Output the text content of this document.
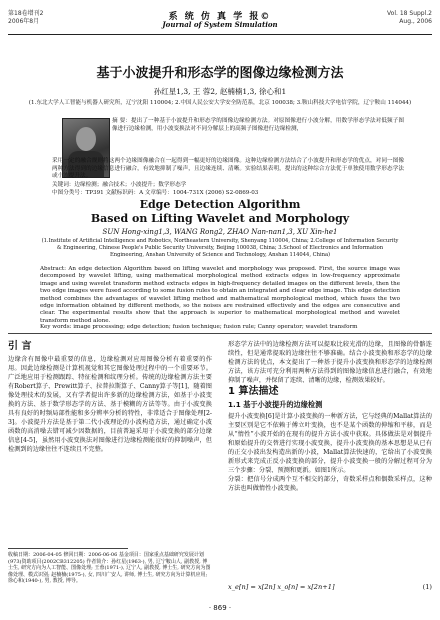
第18卷增刊2
2006年8月	系 统 仿 真 学 报©
Journal of System Simulation
Vol. 18 Suppl.2
Aug., 2006
基于小波提升和形态学的图像边缘检测方法
孙红星1,3, 王 蓉2, 赵楠楠1,3, 徐心和1
(1.东北大学人工智能与机器人研究所，辽宁沈阳 110004; 2.中国人民公安大学安全防范系，北京 100038; 3.鞍山科技大学电信学院，辽宁鞍山 114044)
摘 要：提出了一种基于小波提升和形态学的图像边缘检测方法。对原图像进行小波分解，用数学形态学法对低频子图像进行边缘检测，用小波变换法对不同分解层上的高频子图像进行边缘检测，
采用一定的融合规则将这两个边缘图像融合在一起得到一幅更好的边缘图像。这种边缘检测方法结合了小波提升和形态学的优点，对同一图像两种方法得到的边缘信息进行融合，有效地抑制了噪声，且边缘连续、清晰。实验结果表明，提出的这种综合方法优于单独使用数学形态学法或小波提升法。
关键词：边缘检测；融合技术；小波提升；数学形态学
中图分类号：TP391 文献标识码：A 文章编号：1004-731X (2006) S2-0869-03
Edge Detection Algorithm
Based on Lifting Wavelet and Morphology
SUN Hong-xing1,3, WANG Rong2, ZHAO Nan-nan1,3, XU Xin-he1
(1.Institute of Artificial Intelligence and Robotics, Northeastern University, Shenyang 110004, China; 2.College of Information Security & Engineering, Chinese People's Public Security University, Beijing 100038, China; 3.School of Electronics and Information Engineering, Anshan University of Science and Technology, Anshan 114044, China)
Abstract: An edge detection Algorithm based on lifting wavelet and morphology was proposed. First, the source image was decomposed by wavelet lifting, using mathematical morphological method extracts edges in low-frequency approximate image and using wavelet transform method extracts edges in high-frequency detailed images on the different levels, then the two edge images were fused according to some fusion rules to obtain an integrated and clear edge image. This edge detection method combines the advantages of wavelet lifting method and mathematical morphological method, which fuses the two edge information obtained by different methods, so the noises are restrained effectively and the edges are consecutive and clear. The experimental results show that the approach is superior to mathematical morphological method and wavelet transform method alone.
Key words: image processing; edge detection; fusion technique; fusion rule; Canny operator; wavelet transform
引 言
边缘含有图像中最重要的信息，边缘检测对应用图像分析有着重要的作用。因此边缘检测是计算机视觉和其它图像处理过程中的一个重要环节。广泛地应用于检测跟踪、特征检测和纹理分析。传统的边缘检测方法主要有Robert算子、Prewitt算子、拉普拉斯算子、Canny算子等[1]，随着图像处理技术的发展，又有学者提出许多新的边缘检测方法，如基于小波变换的方法、基于数学形态学的方法、基于模糊的方法等等。由于小波变换具有良好的时频局部性能和多分辨率分析的特性，非常适合于图像处理[2-3]。小波提升方法是基于第二代小波理论的小波构造方法，通过确定小波函数的高消噪去错可减少因数据的，目前普遍采用于小波变换的部分边缘信息[4-5]，虽然用小波变换法对图像进行边缘检测能很好的抑制噪声，但检测到的边缘往往不连续且不完整。
形态学方法中的边缘检测方法可以提取比较光滑的边缘，且图像的骨骼连续性，但是通常提取的边缘往往不够准确。结合小波变换和形态学的边缘检测方法的优点，本文提出了一种基于提升小波变换和形态学的边缘检测方法，该方法可充分利用两种方法得到的图像边缘信息进行融合，有效地抑制了噪声，并保留了连续、清晰的边缘，检测效果较好。
1 算法描述
1.1 基于小波提升的边缘检测
提升小波变换[6]是计算小波变换的一种新方法，它与经典的Mallat算法的主要区别是它不依赖于傅立叶变换，也不是某个函数的伸缩和平移，而是从“惰性”小波开始的在现有的提升方法小波中获取。具体做法是对偶提升和原始提升的交替进行实现小波变换，提升小波变换的基本思想是从已有的正交小波出发构造出新的小波，Mallat算法快速的，它给出了小波变换新形式来完成正反小波变换的部分，提升小波变换一般的分解过程可分为三个步骤：分裂、预测和更新。如图1所示。
分裂：把信号分成两个互不相交的部分，奇数采样点和偶数采样点，这种方法也叫做惰性小波变换。
收稿日期：2006-04-05 修回日期：2006-06-06 基金项目：国家重点基础研究发展计划(973)资助项目(2002CB312205) 作者简介：孙红星(1963-), 男, 辽宁鞍山人, 副教授, 博士生, 研究方向为人工智能、图像处理; 王蓉(1971-), 辽宁人, 副教授, 博士生, 研究方向为图像处理、模式识别; 赵楠楠(1975-), 女, 四川广安人, 讲师, 博士生, 研究方向为计算机应用; 徐心和(1940-), 男, 教授, 博导。
x_e[n] = x[2n] x_o[n] = x[2n+1]	(1)
· 869 ·
